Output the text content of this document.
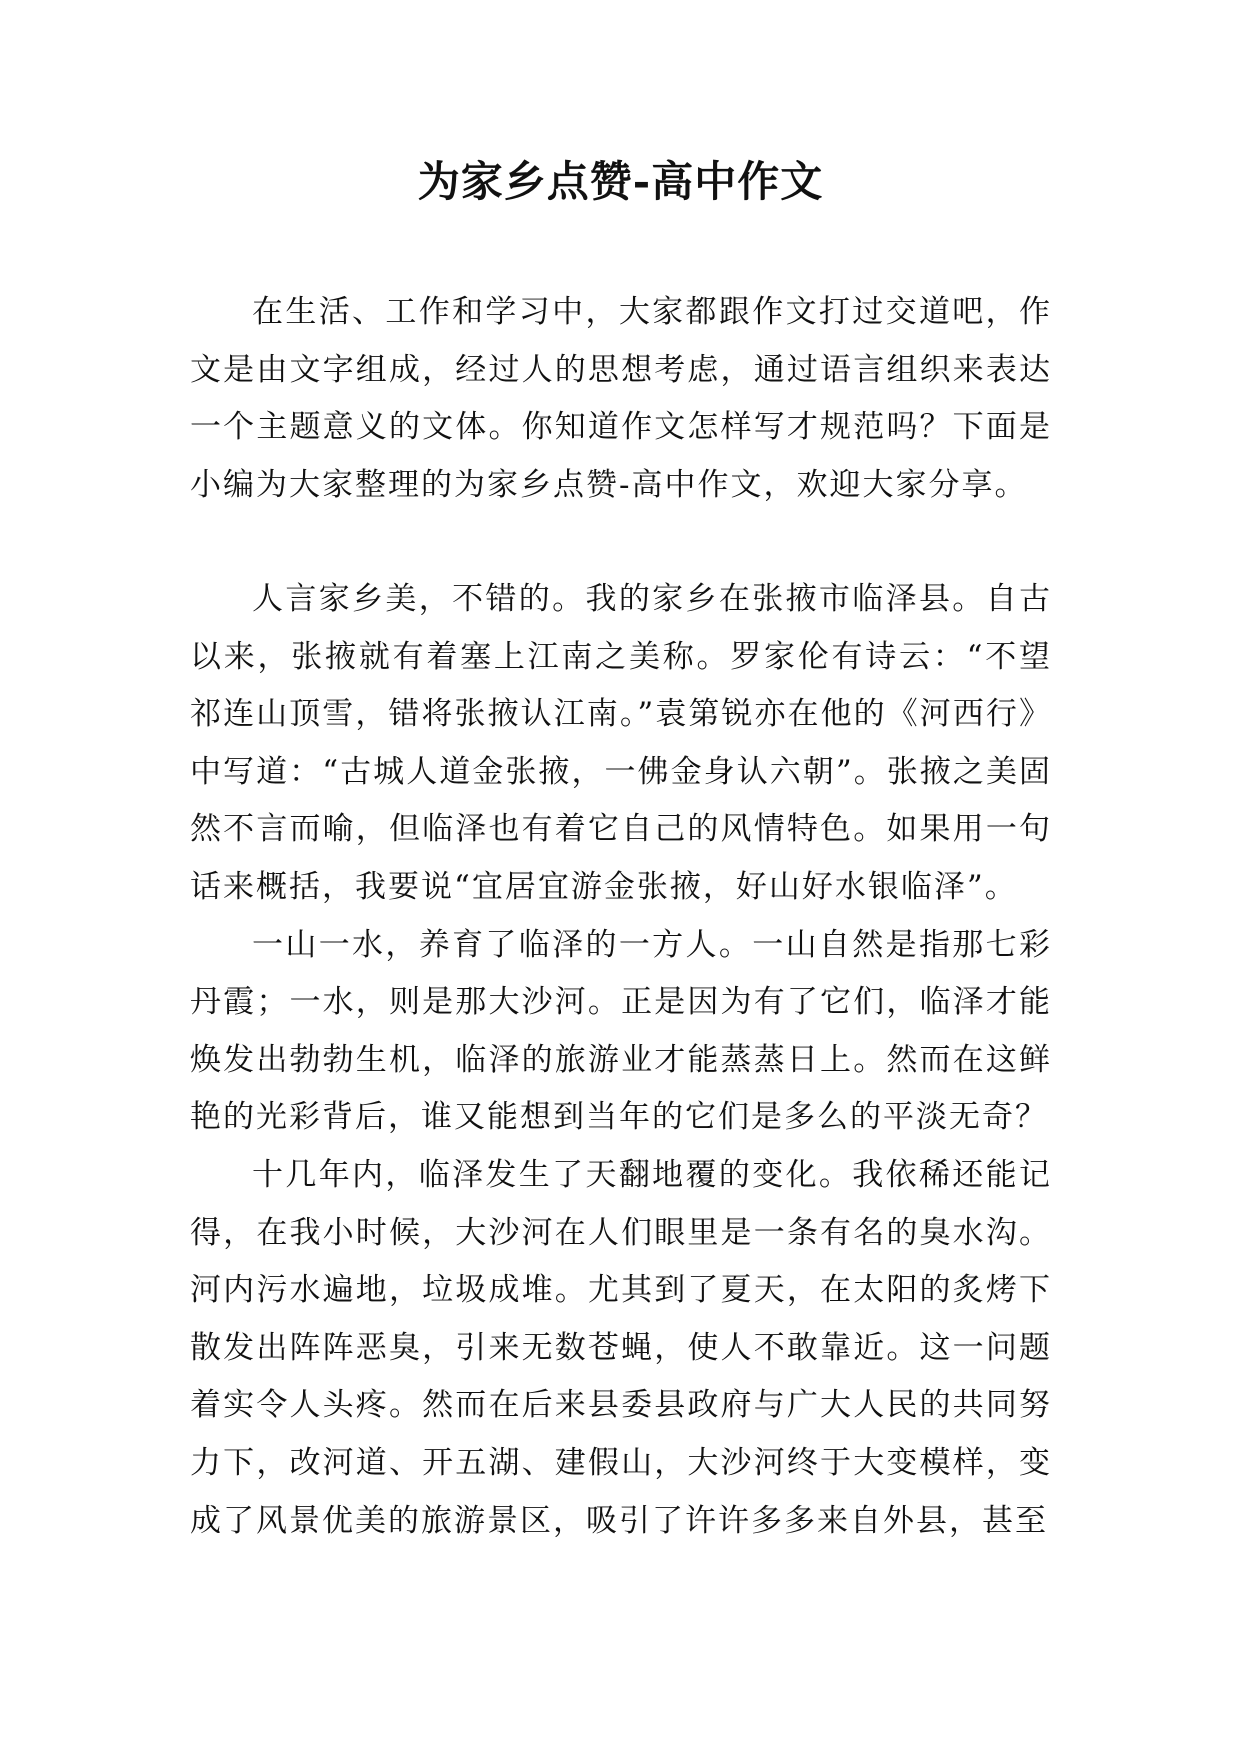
为家乡点赞-高中作文

在生活、工作和学习中，大家都跟作文打过交道吧，作文是由文字组成，经过人的思想考虑，通过语言组织来表达一个主题意义的文体。你知道作文怎样写才规范吗？下面是小编为大家整理的为家乡点赞-高中作文，欢迎大家分享。

人言家乡美，不错的。我的家乡在张掖市临泽县。自古以来，张掖就有着塞上江南之美称。罗家伦有诗云：“不望祁连山顶雪，错将张掖认江南。”袁第锐亦在他的《河西行》中写道：“古城人道金张掖，一佛金身认六朝”。张掖之美固然不言而喻，但临泽也有着它自己的风情特色。如果用一句话来概括，我要说“宜居宜游金张掖，好山好水银临泽”。

一山一水，养育了临泽的一方人。一山自然是指那七彩丹霞；一水，则是那大沙河。正是因为有了它们，临泽才能焕发出勃勃生机，临泽的旅游业才能蒸蒸日上。然而在这鲜艳的光彩背后，谁又能想到当年的它们是多么的平淡无奇？

十几年内，临泽发生了天翻地覆的变化。我依稀还能记得，在我小时候，大沙河在人们眼里是一条有名的臭水沟。河内污水遍地，垃圾成堆。尤其到了夏天，在太阳的炙烤下散发出阵阵恶臭，引来无数苍蝇，使人不敢靠近。这一问题着实令人头疼。然而在后来县委县政府与广大人民的共同努力下，改河道、开五湖、建假山，大沙河终于大变模样，变成了风景优美的旅游景区，吸引了许许多多来自外县，甚至
